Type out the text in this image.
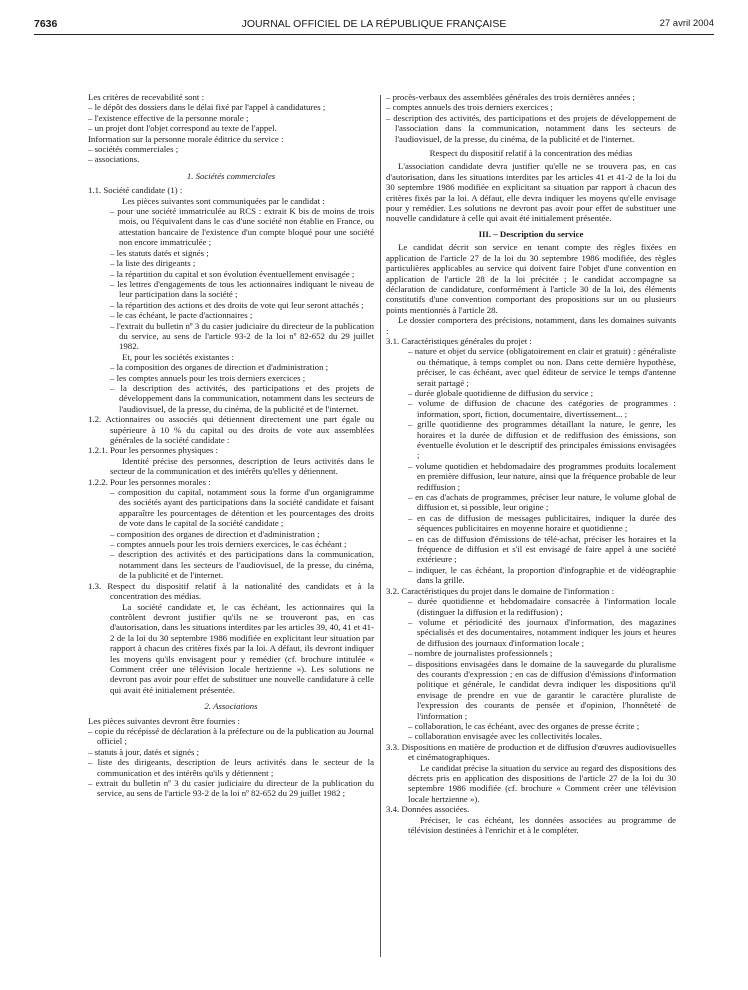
7636	JOURNAL OFFICIEL DE LA RÉPUBLIQUE FRANÇAISE	27 avril 2004

Les critères de recevabilité sont :

– le dépôt des dossiers dans le délai fixé par l'appel à candidatures ;

– l'existence effective de la personne morale ;

– un projet dont l'objet correspond au texte de l'appel.

Information sur la personne morale éditrice du service :

– sociétés commerciales ;

– associations.

1. Sociétés commerciales

1.1. Société candidate (1) :

Les pièces suivantes sont communiquées par le candidat :

– pour une société immatriculée au RCS : extrait K bis de moins de trois mois, ou l'équivalent dans le cas d'une société non établie en France, ou attestation bancaire de l'existence d'un compte bloqué pour une société non encore immatriculée ;

– les statuts datés et signés ;

– la liste des dirigeants ;

– la répartition du capital et son évolution éventuellement envisagée ;

– les lettres d'engagements de tous les actionnaires indiquant le niveau de leur participation dans la société ;

– la répartition des actions et des droits de vote qui leur seront attachés ;

– le cas échéant, le pacte d'actionnaires ;

– l'extrait du bulletin nº 3 du casier judiciaire du directeur de la publication du service, au sens de l'article 93-2 de la loi nº 82-652 du 29 juillet 1982.

Et, pour les sociétés existantes :

– la composition des organes de direction et d'administration ;

– les comptes annuels pour les trois derniers exercices ;

– la description des activités, des participations et des projets de développement dans la communication, notamment dans les secteurs de l'audiovisuel, de la presse, du cinéma, de la publicité et de l'internet.

1.2. Actionnaires ou associés qui détiennent directement une part égale ou supérieure à 10 % du capital ou des droits de vote aux assemblées générales de la société candidate :

1.2.1. Pour les personnes physiques :

Identité précise des personnes, description de leurs activités dans le secteur de la communication et des intérêts qu'elles y détiennent.

1.2.2. Pour les personnes morales :

– composition du capital, notamment sous la forme d'un organigramme des sociétés ayant des participations dans la société candidate et faisant apparaître les pourcentages de détention et les pourcentages des droits de vote dans le capital de la société candidate ;

– composition des organes de direction et d'administration ;

– comptes annuels pour les trois derniers exercices, le cas échéant ;

– description des activités et des participations dans la communication, notamment dans les secteurs de l'audiovisuel, de la presse, du cinéma, de la publicité et de l'internet.

1.3. Respect du dispositif relatif à la nationalité des candidats et à la concentration des médias.

La société candidate et, le cas échéant, les actionnaires qui la contrôlent devront justifier qu'ils ne se trouveront pas, en cas d'autorisation, dans les situations interdites par les articles 39, 40, 41 et 41-2 de la loi du 30 septembre 1986 modifiée en explicitant leur situation par rapport à chacun des critères fixés par la loi. A défaut, ils devront indiquer les moyens qu'ils envisagent pour y remédier (cf. brochure intitulée « Comment créer une télévision locale hertzienne »). Les solutions ne devront pas avoir pour effet de substituer une nouvelle candidature à celle qui avait été initialement présentée.

2. Associations

Les pièces suivantes devront être fournies :

– copie du récépissé de déclaration à la préfecture ou de la publication au Journal officiel ;

– statuts à jour, datés et signés ;

– liste des dirigeants, description de leurs activités dans le secteur de la communication et des intérêts qu'ils y détiennent ;

– extrait du bulletin nº 3 du casier judiciaire du directeur de la publication du service, au sens de l'article 93-2 de la loi nº 82-652 du 29 juillet 1982 ;

– procès-verbaux des assemblées générales des trois dernières années ;

– comptes annuels des trois derniers exercices ;

– description des activités, des participations et des projets de développement de l'association dans la communication, notamment dans les secteurs de l'audiovisuel, de la presse, du cinéma, de la publicité et de l'internet.

Respect du dispositif relatif à la concentration des médias

L'association candidate devra justifier qu'elle ne se trouvera pas, en cas d'autorisation, dans les situations interdites par les articles 41 et 41-2 de la loi du 30 septembre 1986 modifiée en explicitant sa situation par rapport à chacun des critères fixés par la loi. A défaut, elle devra indiquer les moyens qu'elle envisage pour y remédier. Les solutions ne devront pas avoir pour effet de substituer une nouvelle candidature à celle qui avait été initialement présentée.

III. – Description du service

Le candidat décrit son service en tenant compte des règles fixées en application de l'article 27 de la loi du 30 septembre 1986 modifiée, des règles particulières applicables au service qui doivent faire l'objet d'une convention en application de l'article 28 de la loi précitée ; le candidat accompagne sa déclaration de candidature, conformément à l'article 30 de la loi, des éléments constitutifs d'une convention comportant des propositions sur un ou plusieurs points mentionnés à l'article 28.

Le dossier comportera des précisions, notamment, dans les domaines suivants :

3.1. Caractéristiques générales du projet :

– nature et objet du service (obligatoirement en clair et gratuit) : généraliste ou thématique, à temps complet ou non. Dans cette dernière hypothèse, préciser, le cas échéant, avec quel éditeur de service le temps d'antenne serait partagé ;

– durée globale quotidienne de diffusion du service ;

– volume de diffusion de chacune des catégories de programmes : information, sport, fiction, documentaire, divertissement... ;

– grille quotidienne des programmes détaillant la nature, le genre, les horaires et la durée de diffusion et de rediffusion des émissions, son éventuelle évolution et le descriptif des principales émissions envisagées ;

– volume quotidien et hebdomadaire des programmes produits localement en première diffusion, leur nature, ainsi que la fréquence probable de leur rediffusion ;

– en cas d'achats de programmes, préciser leur nature, le volume global de diffusion et, si possible, leur origine ;

– en cas de diffusion de messages publicitaires, indiquer la durée des séquences publicitaires en moyenne horaire et quotidienne ;

– en cas de diffusion d'émissions de télé-achat, préciser les horaires et la fréquence de diffusion et s'il est envisagé de faire appel à une société extérieure ;

– indiquer, le cas échéant, la proportion d'infographie et de vidéographie dans la grille.

3.2. Caractéristiques du projet dans le domaine de l'information :

– durée quotidienne et hebdomadaire consacrée à l'information locale (distinguer la diffusion et la rediffusion) ;

– volume et périodicité des journaux d'information, des magazines spécialisés et des documentaires, notamment indiquer les jours et heures de diffusion des journaux d'information locale ;

– nombre de journalistes professionnels ;

– dispositions envisagées dans le domaine de la sauvegarde du pluralisme des courants d'expression ; en cas de diffusion d'émissions d'information politique et générale, le candidat devra indiquer les dispositions qu'il envisage de prendre en vue de garantir le caractère pluraliste de l'expression des courants de pensée et d'opinion, l'honnêteté de l'information ;

– collaboration, le cas échéant, avec des organes de presse écrite ;

– collaboration envisagée avec les collectivités locales.

3.3. Dispositions en matière de production et de diffusion d'œuvres audiovisuelles et cinématographiques.

Le candidat précise la situation du service au regard des dispositions des décrets pris en application des dispositions de l'article 27 de la loi du 30 septembre 1986 modifiée (cf. brochure « Comment créer une télévision locale hertzienne »).

3.4. Données associées.

Préciser, le cas échéant, les données associées au programme de télévision destinées à l'enrichir et à le compléter.
